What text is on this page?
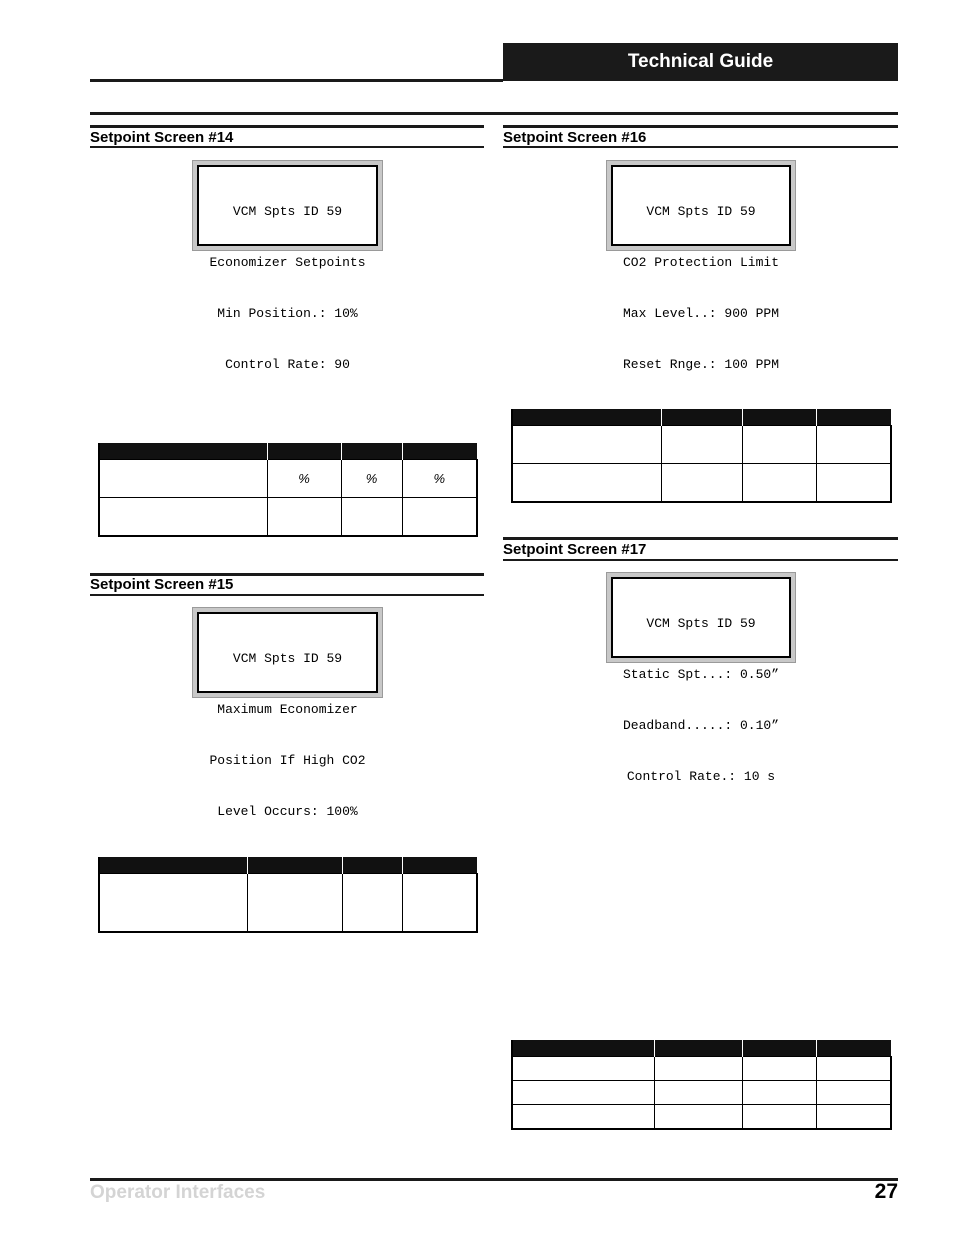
Technical Guide
Setpoint Screen #14

VCM Spts ID 59

Economizer Setpoints

Min Position.: 10%

Control Rate: 90

	%	%	%

Setpoint Screen #15

VCM Spts ID 59

Maximum Economizer

Position If High CO2

Level Occurs: 100%

Setpoint Screen #16

VCM Spts ID 59

CO2 Protection Limit

Max Level..: 900 PPM

Reset Rnge.: 100 PPM

Setpoint Screen #17

VCM Spts ID 59

Static Spt...: 0.50”

Deadband.....: 0.10”

Control Rate.: 10 s

Operator Interfaces	27
